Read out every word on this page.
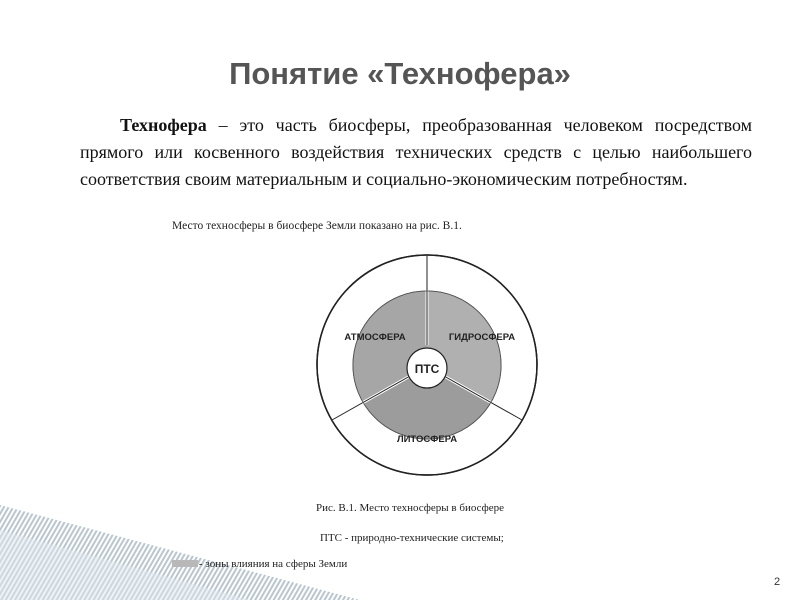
Понятие «Технофера»

Технофера – это часть биосферы, преобразованная человеком посредством прямого или косвенного воздействия технических средств с целью наибольшего соответствия своим материальным и социально-экономическим потребностям.

Место техносферы в биосфере Земли показано на рис. В.1.
ПТС
АТМОСФЕРА	ГИДРОСФЕРА
ЛИТОСФЕРА
Рис. В.1. Место техносферы в биосфере
ПТС - природно-технические системы;
- зоны влияния на сферы Земли
2
